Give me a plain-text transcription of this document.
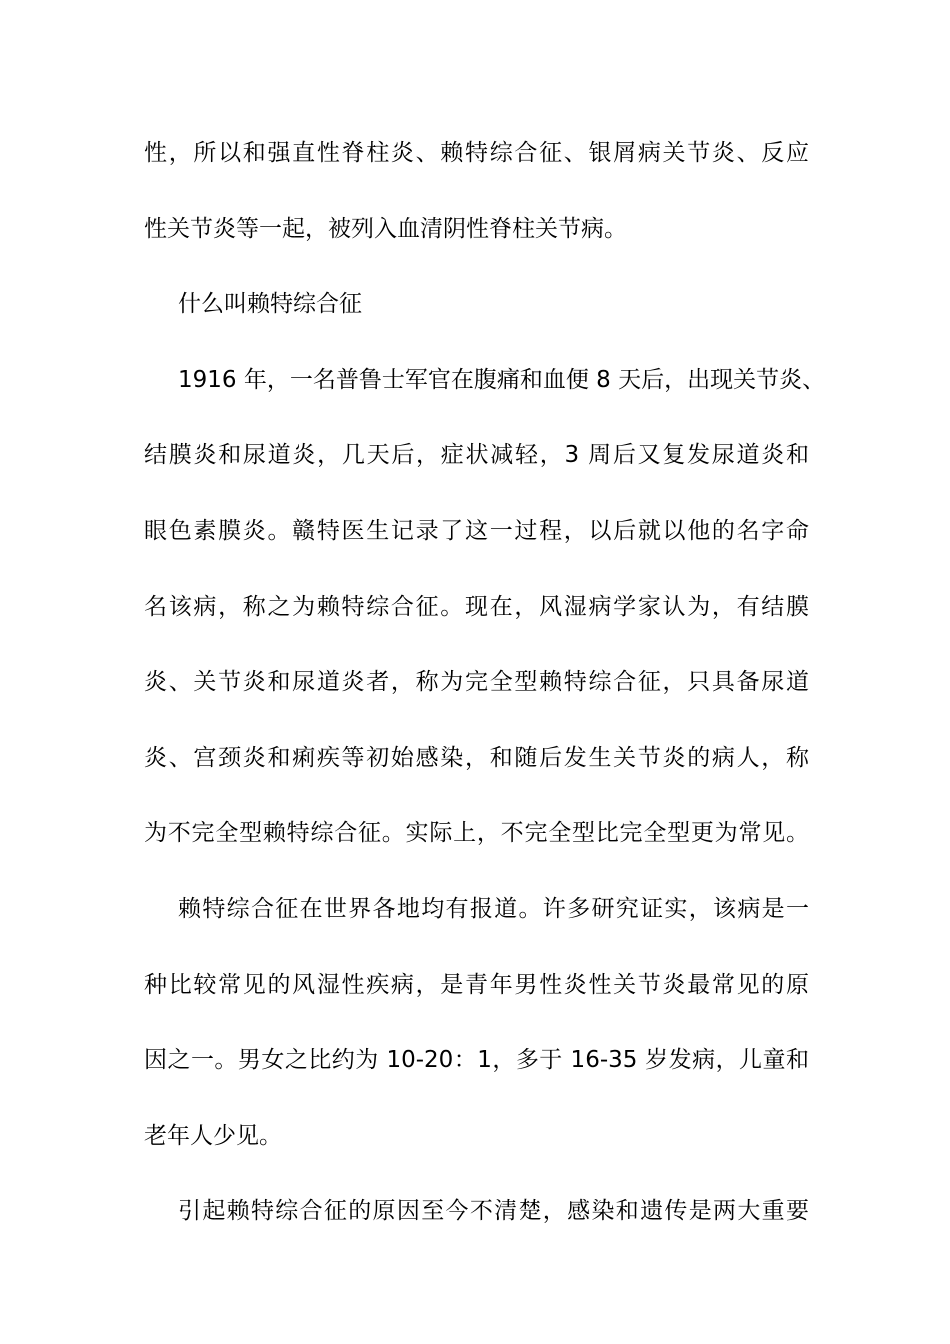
性，所以和强直性脊柱炎、赖特综合征、银屑病关节炎、反应
性关节炎等一起，被列入血清阴性脊柱关节病。
什么叫赖特综合征
1916 年，一名普鲁士军官在腹痛和血便 8 天后，出现关节炎、
结膜炎和尿道炎，几天后，症状减轻，3 周后又复发尿道炎和
眼色素膜炎。赣特医生记录了这一过程，以后就以他的名字命
名该病，称之为赖特综合征。现在，风湿病学家认为，有结膜
炎、关节炎和尿道炎者，称为完全型赖特综合征，只具备尿道
炎、宫颈炎和痢疾等初始感染，和随后发生关节炎的病人，称
为不完全型赖特综合征。实际上，不完全型比完全型更为常见。
赖特综合征在世界各地均有报道。许多研究证实，该病是一
种比较常见的风湿性疾病，是青年男性炎性关节炎最常见的原
因之一。男女之比约为 10-20：1，多于 16-35 岁发病，儿童和
老年人少见。
引起赖特综合征的原因至今不清楚，感染和遗传是两大重要
